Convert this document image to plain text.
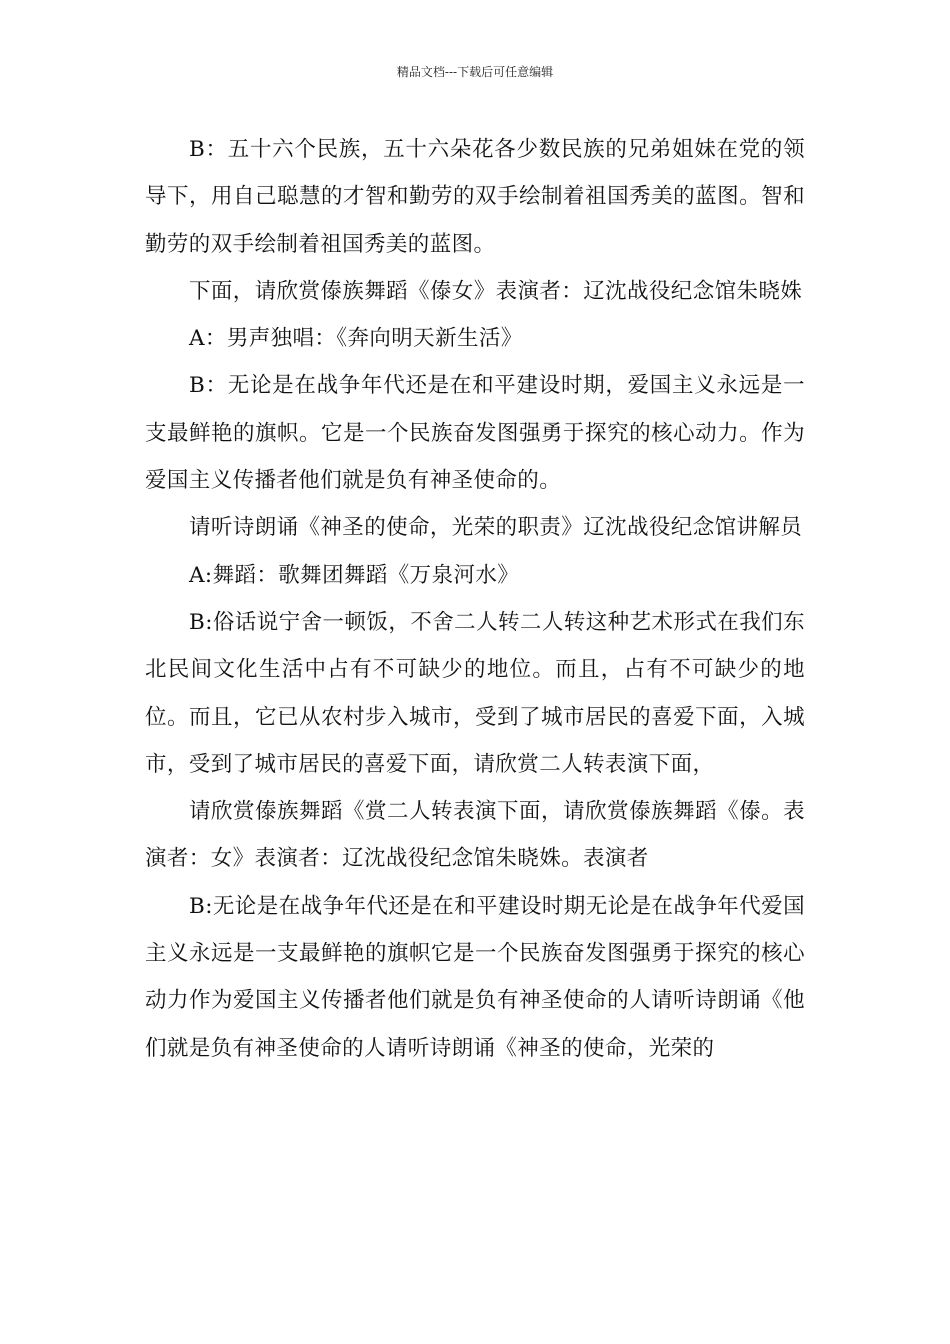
精品文档---下载后可任意编辑

B：五十六个民族，五十六朵花各少数民族的兄弟姐妹在党的领导下，用自己聪慧的才智和勤劳的双手绘制着祖国秀美的蓝图。智和勤劳的双手绘制着祖国秀美的蓝图。

下面，请欣赏傣族舞蹈《傣女》表演者：辽沈战役纪念馆朱晓姝

A：男声独唱：《奔向明天新生活》

B：无论是在战争年代还是在和平建设时期，爱国主义永远是一支最鲜艳的旗帜。它是一个民族奋发图强勇于探究的核心动力。作为爱国主义传播者他们就是负有神圣使命的。

请听诗朗诵《神圣的使命，光荣的职责》辽沈战役纪念馆讲解员

A:舞蹈：歌舞团舞蹈《万泉河水》

B:俗话说宁舍一顿饭，不舍二人转二人转这种艺术形式在我们东北民间文化生活中占有不可缺少的地位。而且，占有不可缺少的地位。而且，它已从农村步入城市，受到了城市居民的喜爱下面，入城市，受到了城市居民的喜爱下面，请欣赏二人转表演下面，

请欣赏傣族舞蹈《赏二人转表演下面，请欣赏傣族舞蹈《傣。表演者：女》表演者：辽沈战役纪念馆朱晓姝。表演者

B:无论是在战争年代还是在和平建设时期无论是在战争年代爱国主义永远是一支最鲜艳的旗帜它是一个民族奋发图强勇于探究的核心动力作为爱国主义传播者他们就是负有神圣使命的人请听诗朗诵《他们就是负有神圣使命的人请听诗朗诵《神圣的使命，光荣的
